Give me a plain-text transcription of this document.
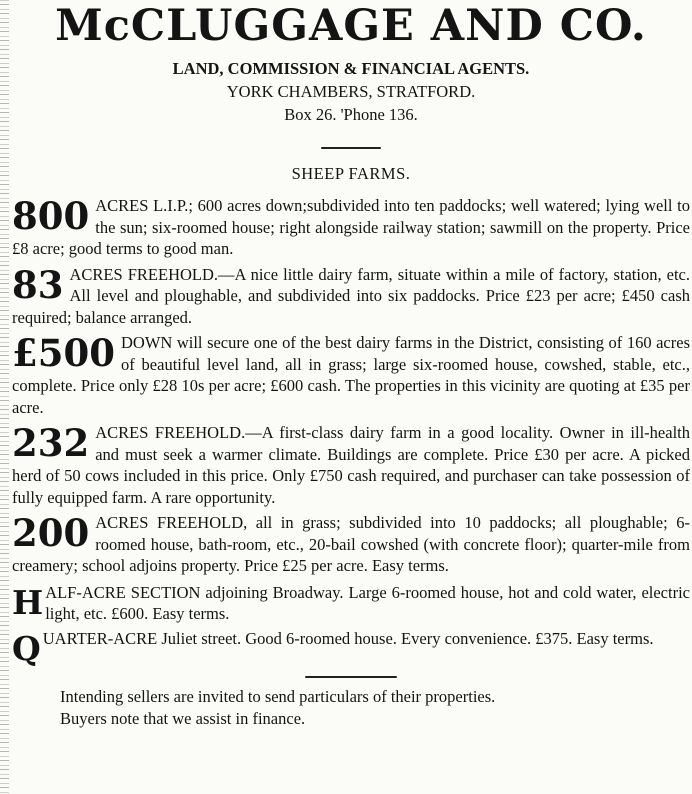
McCLUGGAGE AND CO.
LAND, COMMISSION & FINANCIAL AGENTS.
YORK CHAMBERS, STRATFORD.
Box 26. 'Phone 136.
SHEEP FARMS.

800 ACRES L.I.P.; 600 acres down;subdivided into ten paddocks; well watered; lying well to the sun; six-roomed house; right alongside railway station; sawmill on the property. Price £8 acre; good terms to good man.

83 ACRES FREEHOLD.—A nice little dairy farm, situate within a mile of factory, station, etc. All level and ploughable, and subdivided into six paddocks. Price £23 per acre; £450 cash required; balance arranged.

£500 DOWN will secure one of the best dairy farms in the District, consisting of 160 acres of beautiful level land, all in grass; large six-roomed house, cowshed, stable, etc., complete. Price only £28 10s per acre; £600 cash. The properties in this vicinity are quoting at £35 per acre.

232 ACRES FREEHOLD.—A first-class dairy farm in a good locality. Owner in ill-health and must seek a warmer climate. Buildings are complete. Price £30 per acre. A picked herd of 50 cows included in this price. Only £750 cash required, and purchaser can take possession of fully equipped farm. A rare opportunity.

200 ACRES FREEHOLD, all in grass; subdivided into 10 paddocks; all ploughable; 6-roomed house, bath-room, etc., 20-bail cowshed (with concrete floor); quarter-mile from creamery; school adjoins property. Price £25 per acre. Easy terms.

H ALF-ACRE SECTION adjoining Broadway. Large 6-roomed house, hot and cold water, electric light, etc. £600. Easy terms.

Q UARTER-ACRE Juliet street. Good 6-roomed house. Every convenience. £375. Easy terms.

Intending sellers are invited to send particulars of their properties.
Buyers note that we assist in finance.
